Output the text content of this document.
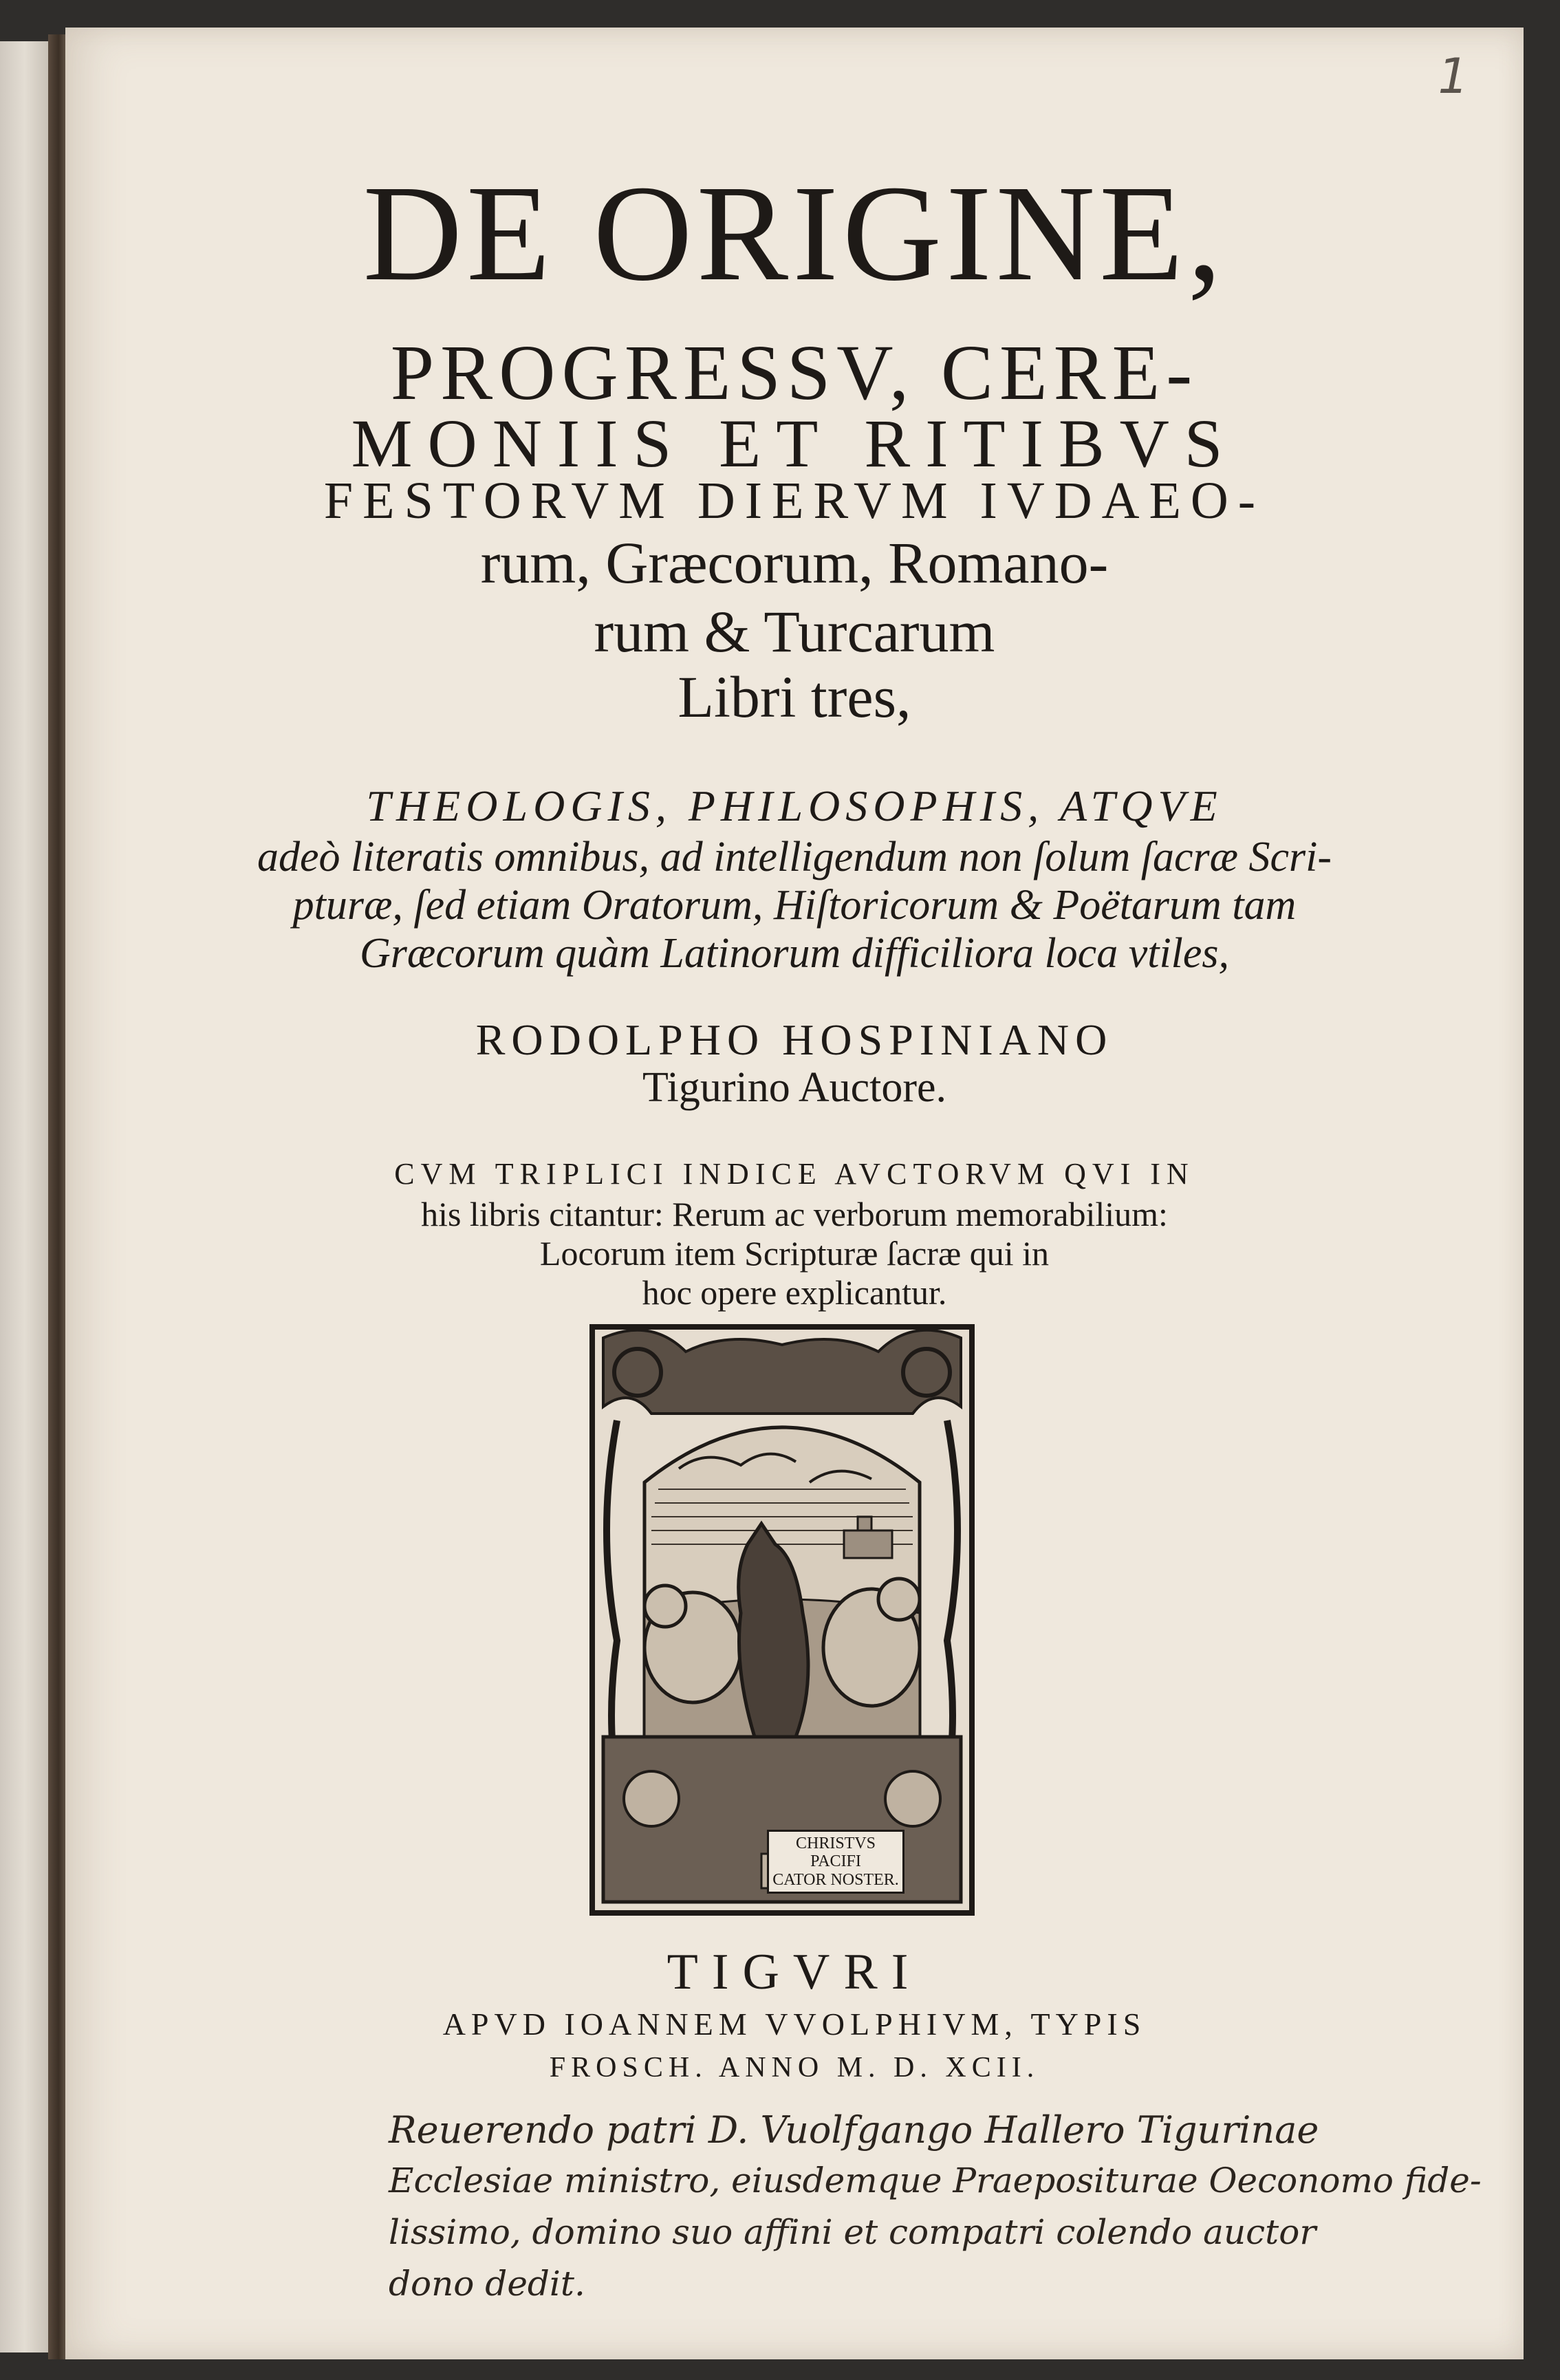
1
DE ORIGINE,
PROGRESSV, CERE-
MONIIS ET RITIBVS
FESTORVM DIERVM IVDAEO-
rum, Græcorum, Romano-
rum & Turcarum
Libri tres,
THEOLOGIS, PHILOSOPHIS, ATQVE
adeò literatis omnibus, ad intelligendum non ſolum ſacræ Scri-
pturæ, ſed etiam Oratorum, Hiſtoricorum & Poëtarum tam
Græcorum quàm Latinorum difficiliora loca vtiles,
RODOLPHO HOSPINIANO
Tigurino Auctore.
CVM TRIPLICI INDICE AVCTORVM QVI IN
his libris citantur: Rerum ac verborum memorabilium:
Locorum item Scripturæ ſacræ qui in
hoc opere explicantur.
CHRISTVS PACIFI
CATOR NOSTER.
TIGVRI
APVD IOANNEM VVOLPHIVM, TYPIS
FROSCH. ANNO M. D. XCII.
Reuerendo patri D. Vuolfgango Hallero Tigurinae
Ecclesiae ministro, eiusdemque Praepositurae Oeconomo fide-
lissimo, domino suo affini et compatri colendo auctor
dono dedit.
